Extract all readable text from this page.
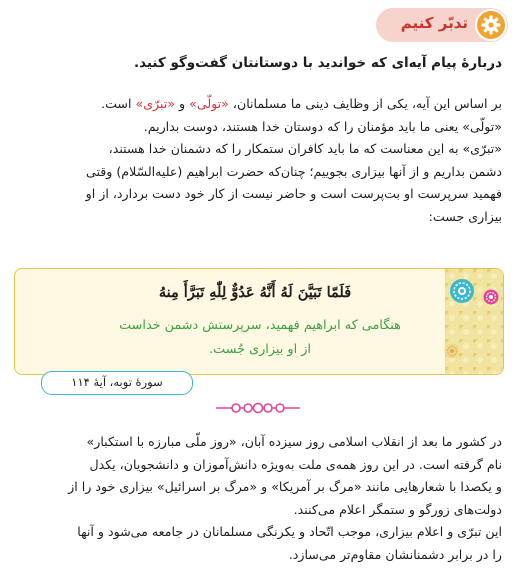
تدبّر کنیم
دربارهٔ پیام آیه‌ای که خواندید با دوستانتان گفت‌وگو کنید.
بر اساس این آیه، یکی از وظایف دینی ما مسلمانان، «تولّی» و «تبرّی» است.
«تولّی» یعنی ما باید مؤمنان را که دوستان خدا هستند، دوست بداریم.
«تبرّی» به این معناست که ما باید کافران ستمکار را که دشمنان خدا هستند،
دشمن بداریم و از آنها بیزاری بجوییم؛ چنان‌که حضرت ابراهیم (علیه‌السّلام) وقتی
فهمید سرپرست او بت‌پرست است و حاضر نیست از کار خود دست بردارد، از او
بیزاری جست:
فَلَمّا تَبَیَّنَ لَهُ أَنَّهُ عَدُوٌّ لِلّٰهِ تَبَرَّأَ مِنهُ
هنگامی که ابراهیم فهمید، سرپرستش دشمن خداست
از او بیزاری جُست.
سورهٔ توبه، آیهٔ ۱۱۴
در کشور ما بعد از انقلاب اسلامی روز سیزده آبان، «روز ملّی مبارزه با استکبار»
نام گرفته است. در این روز همه‌ی ملت به‌ویژه دانش‌آموزان و دانشجویان، یکدل
و یکصدا با شعارهایی مانند «مرگ بر آمریکا» و «مرگ بر اسرائیل» بیزاری خود را از
دولت‌های زورگو و ستمگر اعلام می‌کنند.
این تبرّی و اعلام بیزاری، موجب اتّحاد و یکرنگی مسلمانان در جامعه می‌شود و آنها
را در برابر دشمنانشان مقاوم‌تر می‌سازد.
